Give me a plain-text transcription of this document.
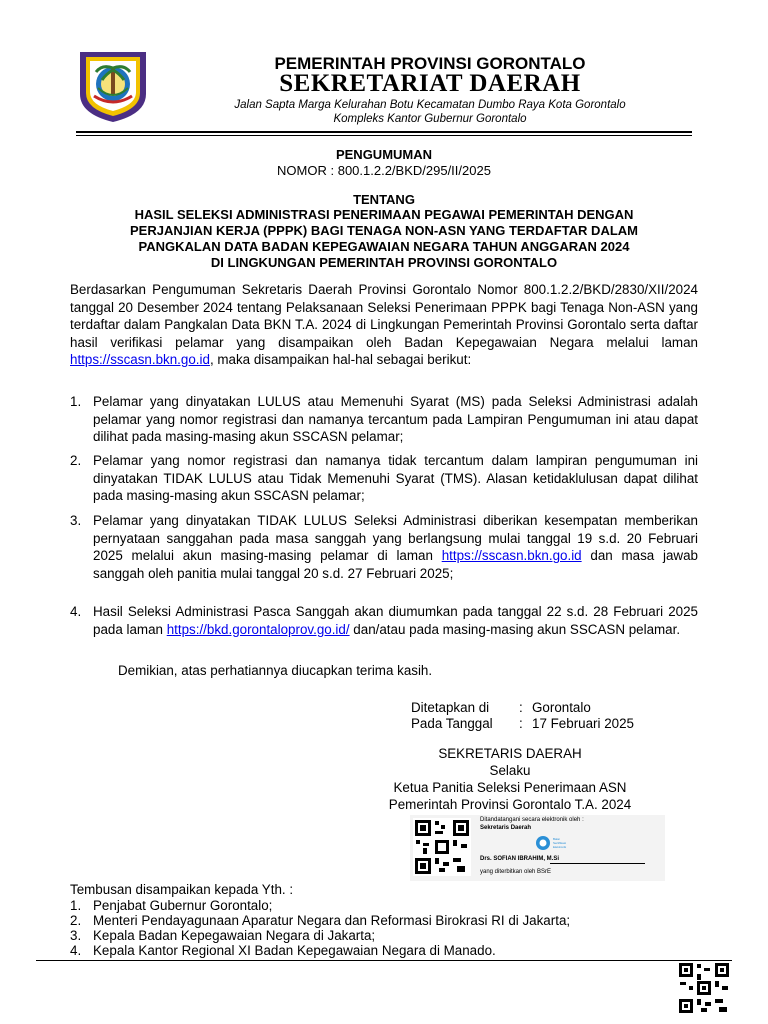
PEMERINTAH PROVINSI GORONTALO
SEKRETARIAT DAERAH
Jalan Sapta Marga Kelurahan Botu Kecamatan Dumbo Raya Kota Gorontalo
Kompleks Kantor Gubernur Gorontalo
PENGUMUMAN
NOMOR : 800.1.2.2/BKD/295/II/2025
TENTANG
HASIL SELEKSI ADMINISTRASI PENERIMAAN PEGAWAI PEMERINTAH DENGAN
PERJANJIAN KERJA (PPPK) BAGI TENAGA NON-ASN YANG TERDAFTAR DALAM
PANGKALAN DATA BADAN KEPEGAWAIAN NEGARA TAHUN ANGGARAN 2024
DI LINGKUNGAN PEMERINTAH PROVINSI GORONTALO
Berdasarkan Pengumuman Sekretaris Daerah Provinsi Gorontalo Nomor 800.1.2.2/BKD/2830/XII/2024 tanggal 20 Desember 2024 tentang Pelaksanaan Seleksi Penerimaan PPPK bagi Tenaga Non-ASN yang terdaftar dalam Pangkalan Data BKN T.A. 2024 di Lingkungan Pemerintah Provinsi Gorontalo serta daftar hasil verifikasi pelamar yang disampaikan oleh Badan Kepegawaian Negara melalui laman https://sscasn.bkn.go.id, maka disampaikan hal-hal sebagai berikut:
1. Pelamar yang dinyatakan LULUS atau Memenuhi Syarat (MS) pada Seleksi Administrasi adalah pelamar yang nomor registrasi dan namanya tercantum pada Lampiran Pengumuman ini atau dapat dilihat pada masing-masing akun SSCASN pelamar;
2. Pelamar yang nomor registrasi dan namanya tidak tercantum dalam lampiran pengumuman ini dinyatakan TIDAK LULUS atau Tidak Memenuhi Syarat (TMS). Alasan ketidaklulusan dapat dilihat pada masing-masing akun SSCASN pelamar;
3. Pelamar yang dinyatakan TIDAK LULUS Seleksi Administrasi diberikan kesempatan memberikan pernyataan sanggahan pada masa sanggah yang berlangsung mulai tanggal 19 s.d. 20 Februari 2025 melalui akun masing-masing pelamar di laman https://sscasn.bkn.go.id dan masa jawab sanggah oleh panitia mulai tanggal 20 s.d. 27 Februari 2025;
4. Hasil Seleksi Administrasi Pasca Sanggah akan diumumkan pada tanggal 22 s.d. 28 Februari 2025 pada laman https://bkd.gorontaloprov.go.id/ dan/atau pada masing-masing akun SSCASN pelamar.
Demikian, atas perhatiannya diucapkan terima kasih.
Ditetapkan di : Gorontalo
Pada Tanggal : 17 Februari 2025
SEKRETARIS DAERAH
Selaku
Ketua Panitia Seleksi Penerimaan ASN
Pemerintah Provinsi Gorontalo T.A. 2024
Ditandatangani secara elektronik oleh :
Sekretaris Daerah
Balai Sertifikasi Elektronik
Drs. SOFIAN IBRAHIM, M.Si
yang diterbitkan oleh BSrE
Tembusan disampaikan kepada Yth. :
1. Penjabat Gubernur Gorontalo;
2. Menteri Pendayagunaan Aparatur Negara dan Reformasi Birokrasi RI di Jakarta;
3. Kepala Badan Kepegawaian Negara di Jakarta;
4. Kepala Kantor Regional XI Badan Kepegawaian Negara di Manado.
